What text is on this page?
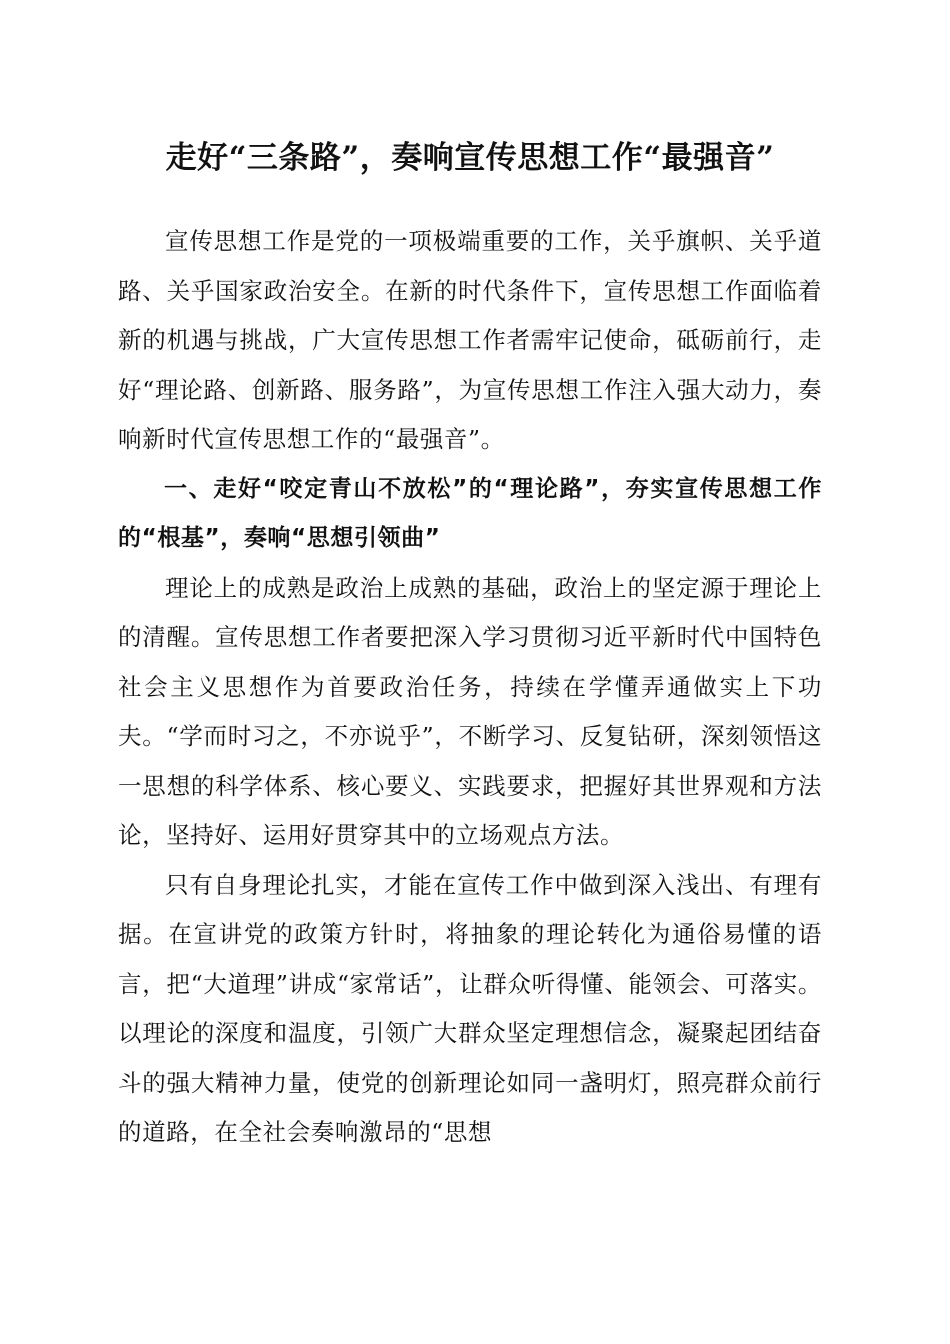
走好“三条路”，奏响宣传思想工作“最强音”

宣传思想工作是党的一项极端重要的工作，关乎旗帜、关乎道路、关乎国家政治安全。在新的时代条件下，宣传思想工作面临着新的机遇与挑战，广大宣传思想工作者需牢记使命，砥砺前行，走好“理论路、创新路、服务路”，为宣传思想工作注入强大动力，奏响新时代宣传思想工作的“最强音”。

一、走好“咬定青山不放松”的“理论路”，夯实宣传思想工作的“根基”，奏响“思想引领曲”

理论上的成熟是政治上成熟的基础，政治上的坚定源于理论上的清醒。宣传思想工作者要把深入学习贯彻习近平新时代中国特色社会主义思想作为首要政治任务，持续在学懂弄通做实上下功夫。“学而时习之，不亦说乎”，不断学习、反复钻研，深刻领悟这一思想的科学体系、核心要义、实践要求，把握好其世界观和方法论，坚持好、运用好贯穿其中的立场观点方法。

只有自身理论扎实，才能在宣传工作中做到深入浅出、有理有据。在宣讲党的政策方针时，将抽象的理论转化为通俗易懂的语言，把“大道理”讲成“家常话”，让群众听得懂、能领会、可落实。以理论的深度和温度，引领广大群众坚定理想信念，凝聚起团结奋斗的强大精神力量，使党的创新理论如同一盏明灯，照亮群众前行的道路，在全社会奏响激昂的“思想
